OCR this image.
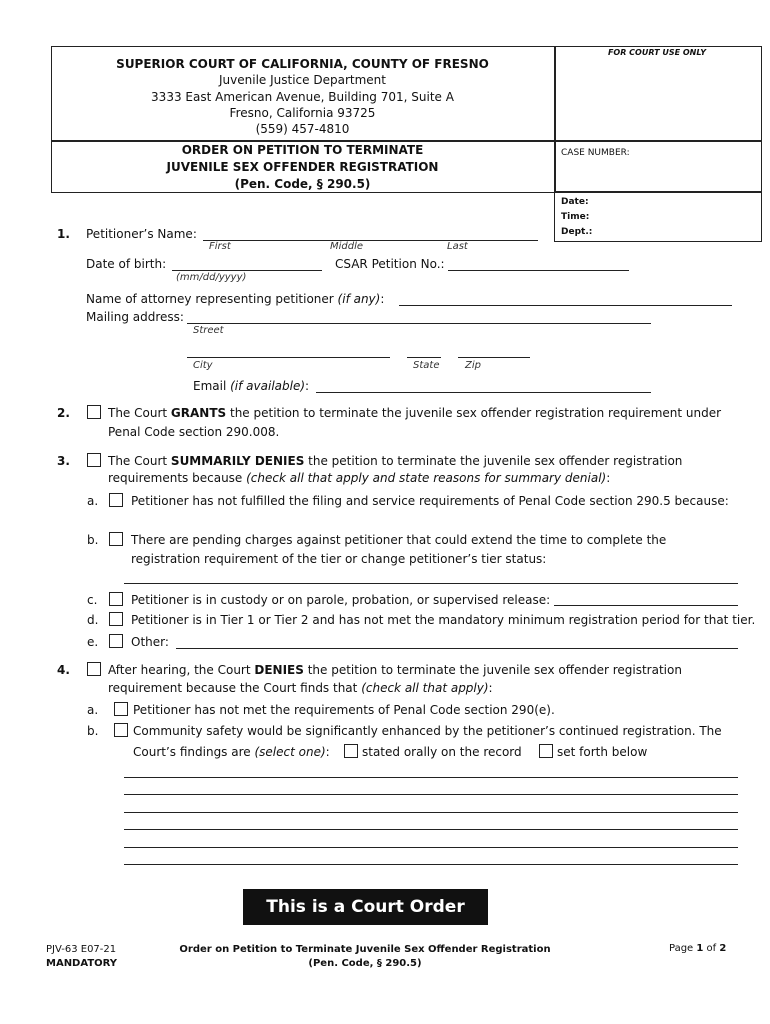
SUPERIOR COURT OF CALIFORNIA, COUNTY OF FRESNO
Juvenile Justice Department
3333 East American Avenue, Building 701, Suite A
Fresno, California 93725
(559) 457-4810
FOR COURT USE ONLY
ORDER ON PETITION TO TERMINATE
JUVENILE SEX OFFENDER REGISTRATION
(Pen. Code, § 290.5)
CASE NUMBER:
Date:
Time:
Dept.:
1. Petitioner’s Name:
First	Middle	Last
Date of birth:
(mm/dd/yyyy)
CSAR Petition No.:
Name of attorney representing petitioner (if any):
Mailing address:
Street
City	State	Zip
Email (if available):
2.	The Court GRANTS the petition to terminate the juvenile sex offender registration requirement under
Penal Code section 290.008.
3.	The Court SUMMARILY DENIES the petition to terminate the juvenile sex offender registration
requirements because (check all that apply and state reasons for summary denial):
a.	Petitioner has not fulfilled the filing and service requirements of Penal Code section 290.5 because:
b.	There are pending charges against petitioner that could extend the time to complete the
registration requirement of the tier or change petitioner’s tier status:
c.	Petitioner is in custody or on parole, probation, or supervised release:
d.	Petitioner is in Tier 1 or Tier 2 and has not met the mandatory minimum registration period for that tier.
e.	Other:
4.	After hearing, the Court DENIES the petition to terminate the juvenile sex offender registration
requirement because the Court finds that (check all that apply):
a.	Petitioner has not met the requirements of Penal Code section 290(e).
b.	Community safety would be significantly enhanced by the petitioner’s continued registration. The
Court’s findings are (select one):	stated orally on the record	set forth below
This is a Court Order
PJV-63 E07-21
MANDATORY
Order on Petition to Terminate Juvenile Sex Offender Registration
(Pen. Code, § 290.5)
Page 1 of 2
